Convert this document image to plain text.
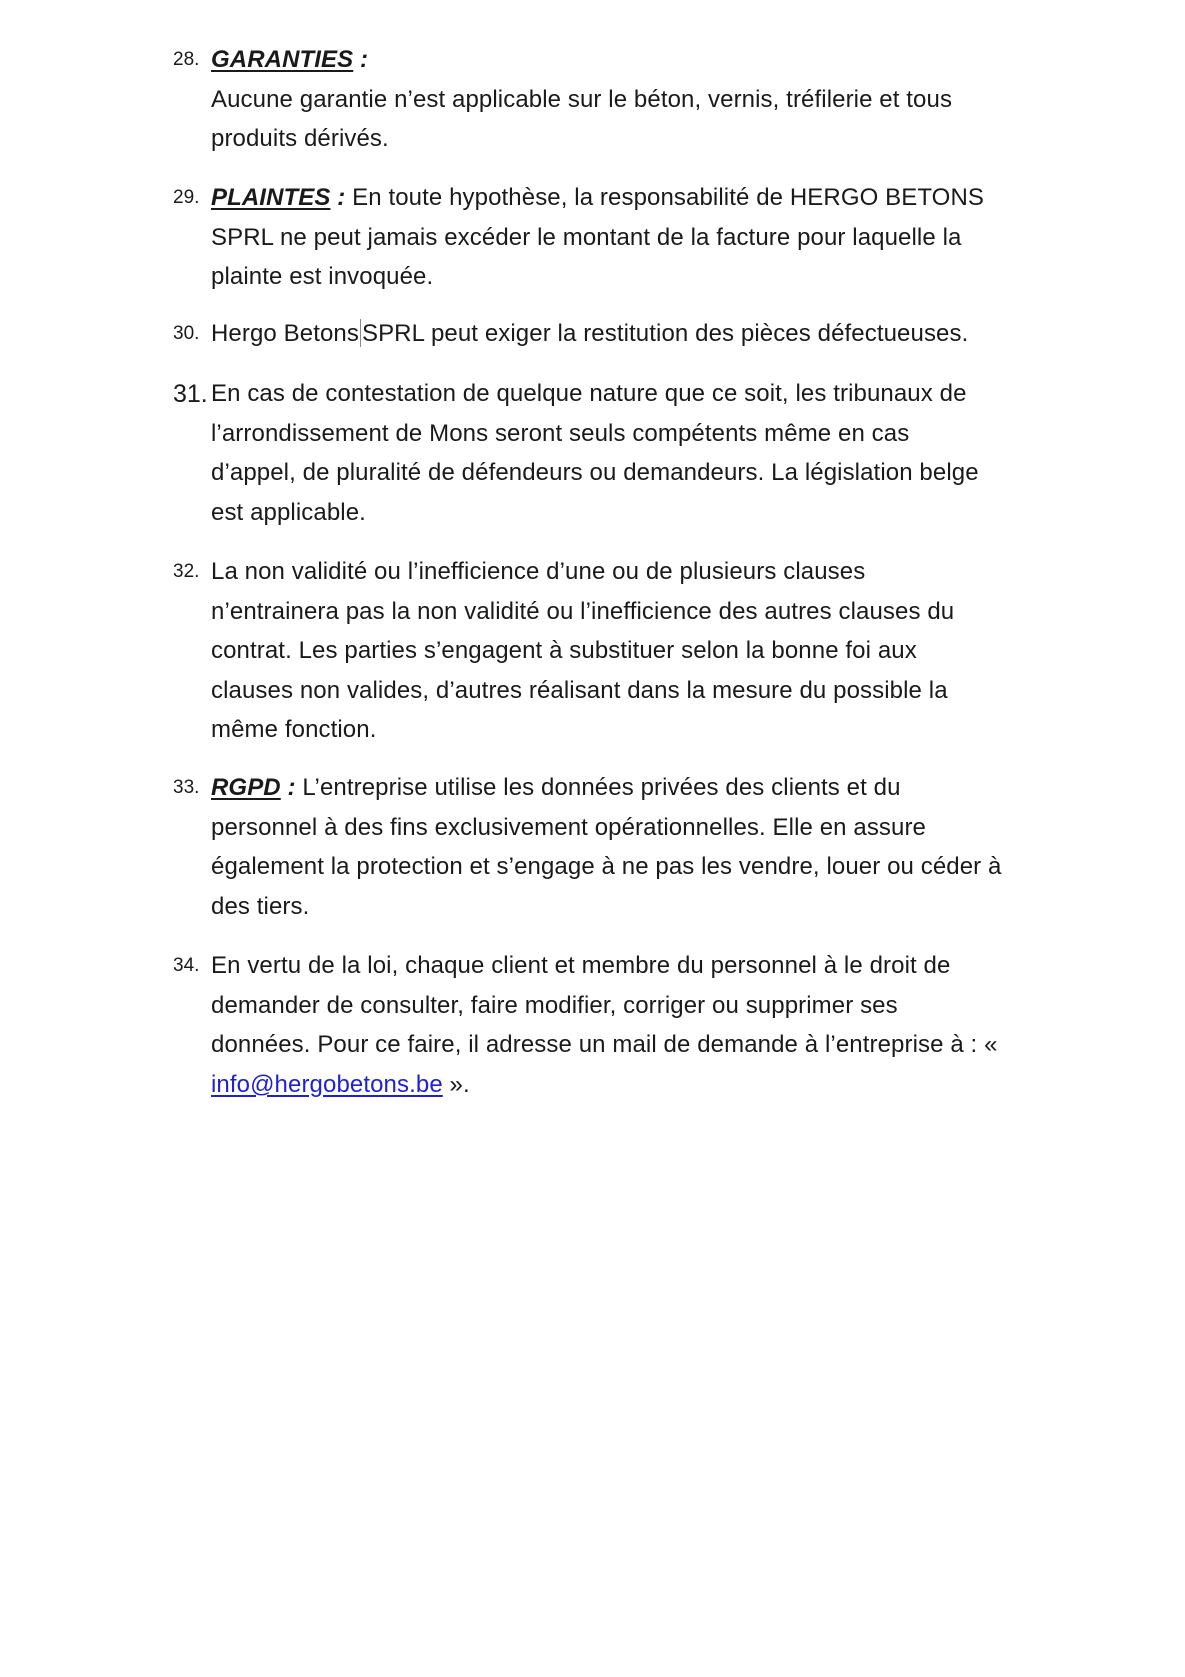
28. GARANTIES :
Aucune garantie n’est applicable sur le béton, vernis, tréfilerie et tous
produits dérivés.
29. PLAINTES : En toute hypothèse, la responsabilité de HERGO BETONS
SPRL ne peut jamais excéder le montant de la facture pour laquelle la
plainte est invoquée.
30. Hergo Betons SPRL peut exiger la restitution des pièces défectueuses.
31. En cas de contestation de quelque nature que ce soit, les tribunaux de
l’arrondissement de Mons seront seuls compétents même en cas
d’appel, de pluralité de défendeurs ou demandeurs. La législation belge
est applicable.
32. La non validité ou l’inefficience d’une ou de plusieurs clauses
n’entrainera pas la non validité ou l’inefficience des autres clauses du
contrat. Les parties s’engagent à substituer selon la bonne foi aux
clauses non valides, d’autres réalisant dans la mesure du possible la
même fonction.
33. RGPD : L’entreprise utilise les données privées des clients et du
personnel à des fins exclusivement opérationnelles. Elle en assure
également la protection et s’engage à ne pas les vendre, louer ou céder à
des tiers.
34. En vertu de la loi, chaque client et membre du personnel à le droit de
demander de consulter, faire modifier, corriger ou supprimer ses
données. Pour ce faire, il adresse un mail de demande à l’entreprise à : «
info@hergobetons.be ».
